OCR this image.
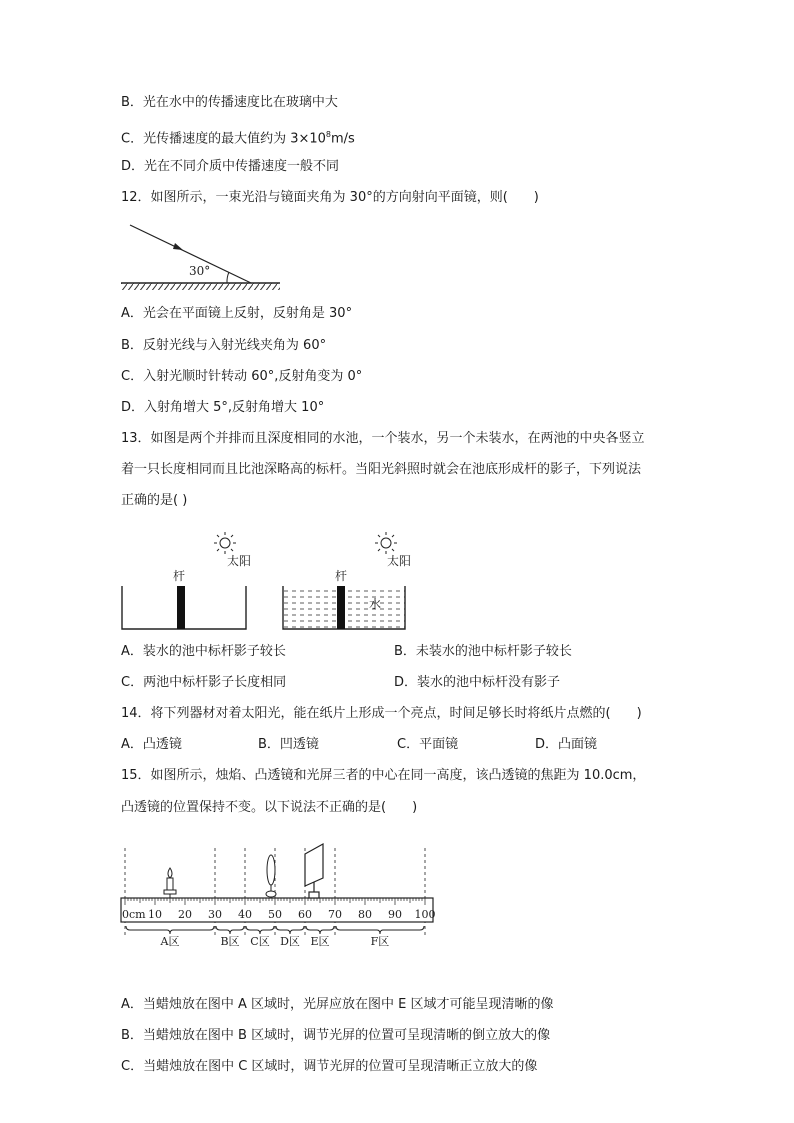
B．光在水中的传播速度比在玻璃中大
C．光传播速度的最大值约为 $3\times 10^8m/s$
D．光在不同介质中传播速度一般不同
12．如图所示，一束光沿与镜面夹角为 30°的方向射向平面镜，则(　　)
30°
A．光会在平面镜上反射，反射角是 30°
B．反射光线与入射光线夹角为 60°
C．入射光顺时针转动 60°,反射角变为 0°
D．入射角增大 5°,反射角增大 10°
13．如图是两个并排而且深度相同的水池，一个装水，另一个未装水，在两池的中央各竖立
着一只长度相同而且比池深略高的标杆。当阳光斜照时就会在池底形成杆的影子，下列说法
正确的是( )
杆
太阳
杆
水
太阳
A．装水的池中标杆影子较长	B．未装水的池中标杆影子较长
C．两池中标杆影子长度相同	D．装水的池中标杆没有影子
14．将下列器材对着太阳光，能在纸片上形成一个亮点，时间足够长时将纸片点燃的(　　)
A．凸透镜	B．凹透镜	C．平面镜	D．凸面镜
15．如图所示，烛焰、凸透镜和光屏三者的中心在同一高度，该凸透镜的焦距为 10.0cm，
凸透镜的位置保持不变。以下说法不正确的是(　　)
0cm 10 20 30 40 50 60 70 80 90 100
A区	B区 C区 D区 E区	F区
A．当蜡烛放在图中 A 区域时，光屏应放在图中 E 区域才可能呈现清晰的像
B．当蜡烛放在图中 B 区域时，调节光屏的位置可呈现清晰的倒立放大的像
C．当蜡烛放在图中 C 区域时，调节光屏的位置可呈现清晰正立放大的像
